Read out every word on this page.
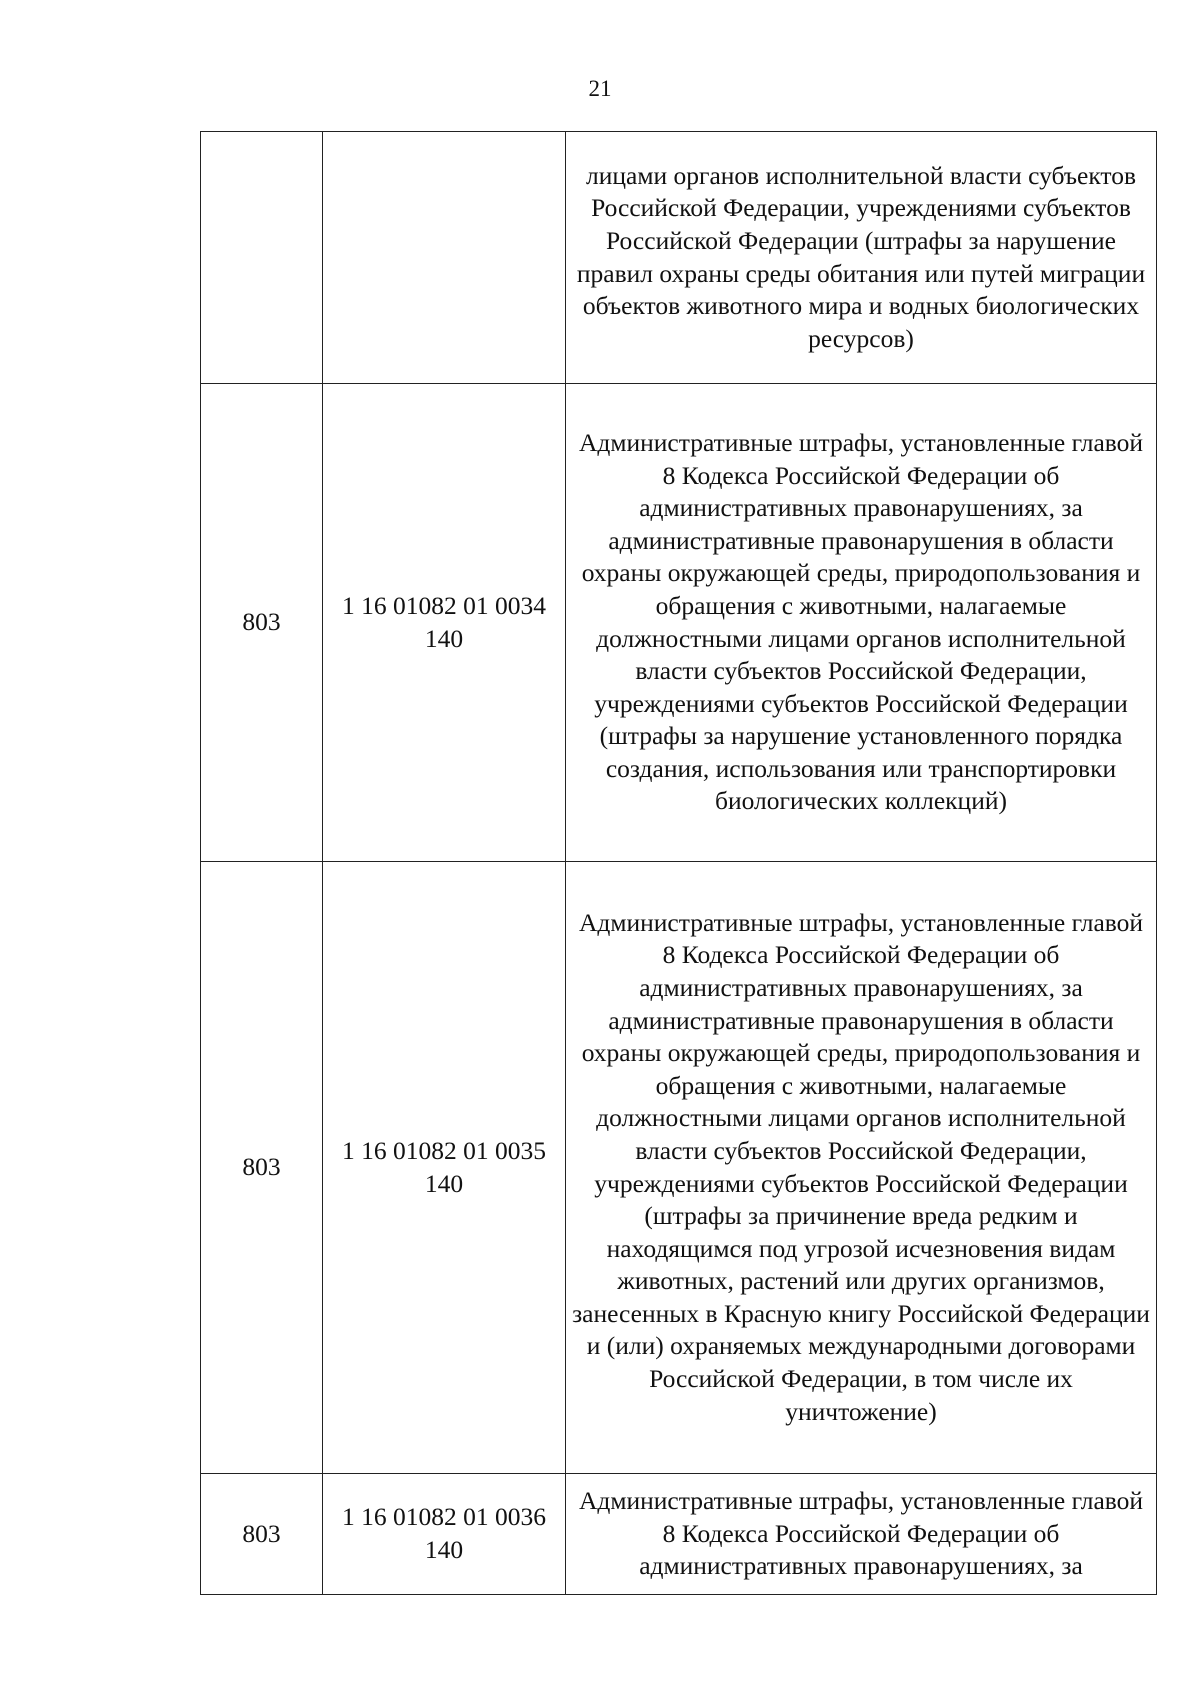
21
		лицами органов исполнительной власти субъектов Российской Федерации, учреждениями субъектов Российской Федерации (штрафы за нарушение правил охраны среды обитания или путей миграции объектов животного мира и водных биологических ресурсов)
803	1 16 01082 01 0034 140	Административные штрафы, установленные главой 8 Кодекса Российской Федерации об административных правонарушениях, за административные правонарушения в области охраны окружающей среды, природопользования и обращения с животными, налагаемые должностными лицами органов исполнительной власти субъектов Российской Федерации, учреждениями субъектов Российской Федерации (штрафы за нарушение установленного порядка создания, использования или транспортировки биологических коллекций)
803	1 16 01082 01 0035 140	Административные штрафы, установленные главой 8 Кодекса Российской Федерации об административных правонарушениях, за административные правонарушения в области охраны окружающей среды, природопользования и обращения с животными, налагаемые должностными лицами органов исполнительной власти субъектов Российской Федерации, учреждениями субъектов Российской Федерации (штрафы за причинение вреда редким и находящимся под угрозой исчезновения видам животных, растений или других организмов, занесенных в Красную книгу Российской Федерации и (или) охраняемых международными договорами Российской Федерации, в том числе их уничтожение)
803	1 16 01082 01 0036 140	Административные штрафы, установленные главой 8 Кодекса Российской Федерации об административных правонарушениях, за
